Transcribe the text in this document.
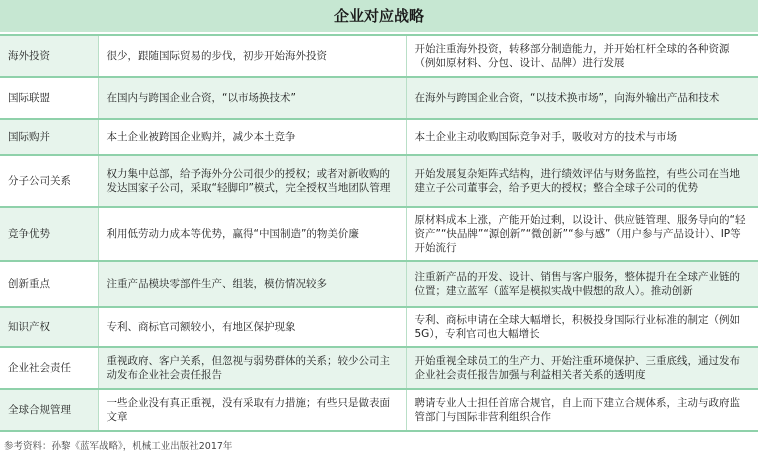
企业对应战略
海外投资	很少，跟随国际贸易的步伐，初步开始海外投资	开始注重海外投资，转移部分制造能力，并开始杠杆全球的各种资源（例如原材料、分包、设计、品牌）进行发展
国际联盟	在国内与跨国企业合资，“以市场换技术”	在海外与跨国企业合资，“以技术换市场”，向海外输出产品和技术
国际购并	本土企业被跨国企业购并，减少本土竞争	本土企业主动收购国际竞争对手，吸收对方的技术与市场
分子公司关系	权力集中总部，给予海外分公司很少的授权；或者对新收购的发达国家子公司，采取“轻脚印”模式，完全授权当地团队管理	开始发展复杂矩阵式结构，进行绩效评估与财务监控，有些公司在当地建立子公司董事会，给予更大的授权；整合全球子公司的优势
竞争优势	利用低劳动力成本等优势，赢得“中国制造”的物美价廉	原材料成本上涨，产能开始过剩，以设计、供应链管理、服务导向的“轻资产”“快品牌”“源创新”“微创新”“参与感”（用户参与产品设计）、IP等开始流行
创新重点	注重产品模块零部件生产、组装，模仿情况较多	注重新产品的开发、设计、销售与客户服务，整体提升在全球产业链的位置；建立蓝军（蓝军是模拟实战中假想的敌人）。推动创新
知识产权	专利、商标官司额较小，有地区保护现象	专利、商标申请在全球大幅增长，积极投身国际行业标准的制定（例如5G），专利官司也大幅增长
企业社会责任	重视政府、客户关系，但忽视与弱势群体的关系；较少公司主动发布企业社会责任报告	开始重视全球员工的生产力、开始注重环境保护、三重底线，通过发布企业社会责任报告加强与利益相关者关系的透明度
全球合规管理	一些企业没有真正重视，没有采取有力措施；有些只是做表面文章	聘请专业人士担任首席合规官，自上而下建立合规体系，主动与政府监管部门与国际非营利组织合作
参考资料：孙黎《蓝军战略》，机械工业出版社2017年
